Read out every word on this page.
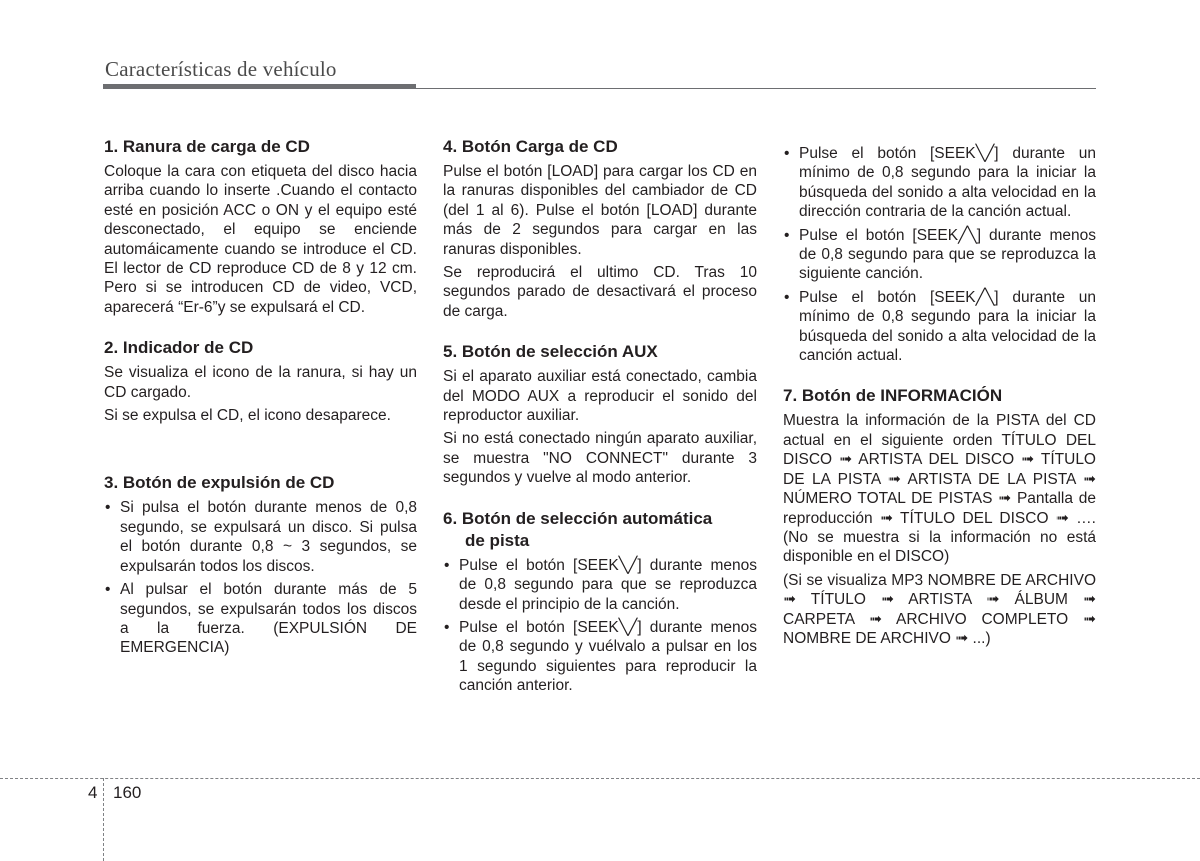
Características de vehículo
1. Ranura de carga de CD

Coloque la cara con etiqueta del disco hacia arriba cuando lo inserte .Cuando el contacto esté en posición ACC o ON y el equipo esté desconectado, el equipo se enciende automáicamente cuando se introduce el CD. El lector de CD reproduce CD de 8 y 12 cm. Pero si se introducen CD de video, VCD, aparecerá “Er-6”y se expulsará el CD.

2. Indicador de CD

Se visualiza el icono de la ranura, si hay un CD cargado.

Si se expulsa el CD, el icono desaparece.

3. Botón de expulsión de CD
• Si pulsa el botón durante menos de 0,8 segundo, se expulsará un disco. Si pulsa el botón durante 0,8 ~ 3 segundos, se expulsarán todos los discos.
• Al pulsar el botón durante más de 5 segundos, se expulsarán todos los discos a la fuerza. (EXPULSIÓN DE EMERGENCIA)
4. Botón Carga de CD

Pulse el botón [LOAD] para cargar los CD en la ranuras disponibles del cambiador de CD (del 1 al 6). Pulse el botón [LOAD] durante más de 2 segundos para cargar en las ranuras disponibles.

Se reproducirá el ultimo CD. Tras 10 segundos parado de desactivará el proceso de carga.

5. Botón de selección AUX

Si el aparato auxiliar está conectado, cambia del MODO AUX a reproducir el sonido del reproductor auxiliar.

Si no está conectado ningún aparato auxiliar, se muestra "NO CONNECT" durante 3 segundos y vuelve al modo anterior.

6. Botón de selección automática
de pista
• Pulse el botón [SEEK╲╱] durante menos de 0,8 segundo para que se reproduzca desde el principio de la canción.
• Pulse el botón [SEEK╲╱] durante menos de 0,8 segundo y vuélvalo a pulsar en los 1 segundo siguientes para reproducir la canción anterior.
• Pulse el botón [SEEK╲╱] durante un mínimo de 0,8 segundo para la iniciar la búsqueda del sonido a alta velocidad en la dirección contraria de la canción actual.
• Pulse el botón [SEEK╱╲] durante menos de 0,8 segundo para que se reproduzca la siguiente canción.
• Pulse el botón [SEEK╱╲] durante un mínimo de 0,8 segundo para la iniciar la búsqueda del sonido a alta velocidad de la canción actual.
7. Botón de INFORMACIÓN

Muestra la información de la PISTA del CD actual en el siguiente orden TÍTULO DEL DISCO ➟ ARTISTA DEL DISCO ➟ TÍTULO DE LA PISTA ➟ ARTISTA DE LA PISTA ➟ NÚMERO TOTAL DE PISTAS ➟ Pantalla de reproducción ➟ TÍTULO DEL DISCO ➟ ….(No se muestra si la información no está disponible en el DISCO)

(Si se visualiza MP3 NOMBRE DE ARCHIVO ➟ TÍTULO ➟ ARTISTA ➟ ÁLBUM ➟ CARPETA ➟ ARCHIVO COMPLETO ➟ NOMBRE DE ARCHIVO ➟ ...)

4 160
